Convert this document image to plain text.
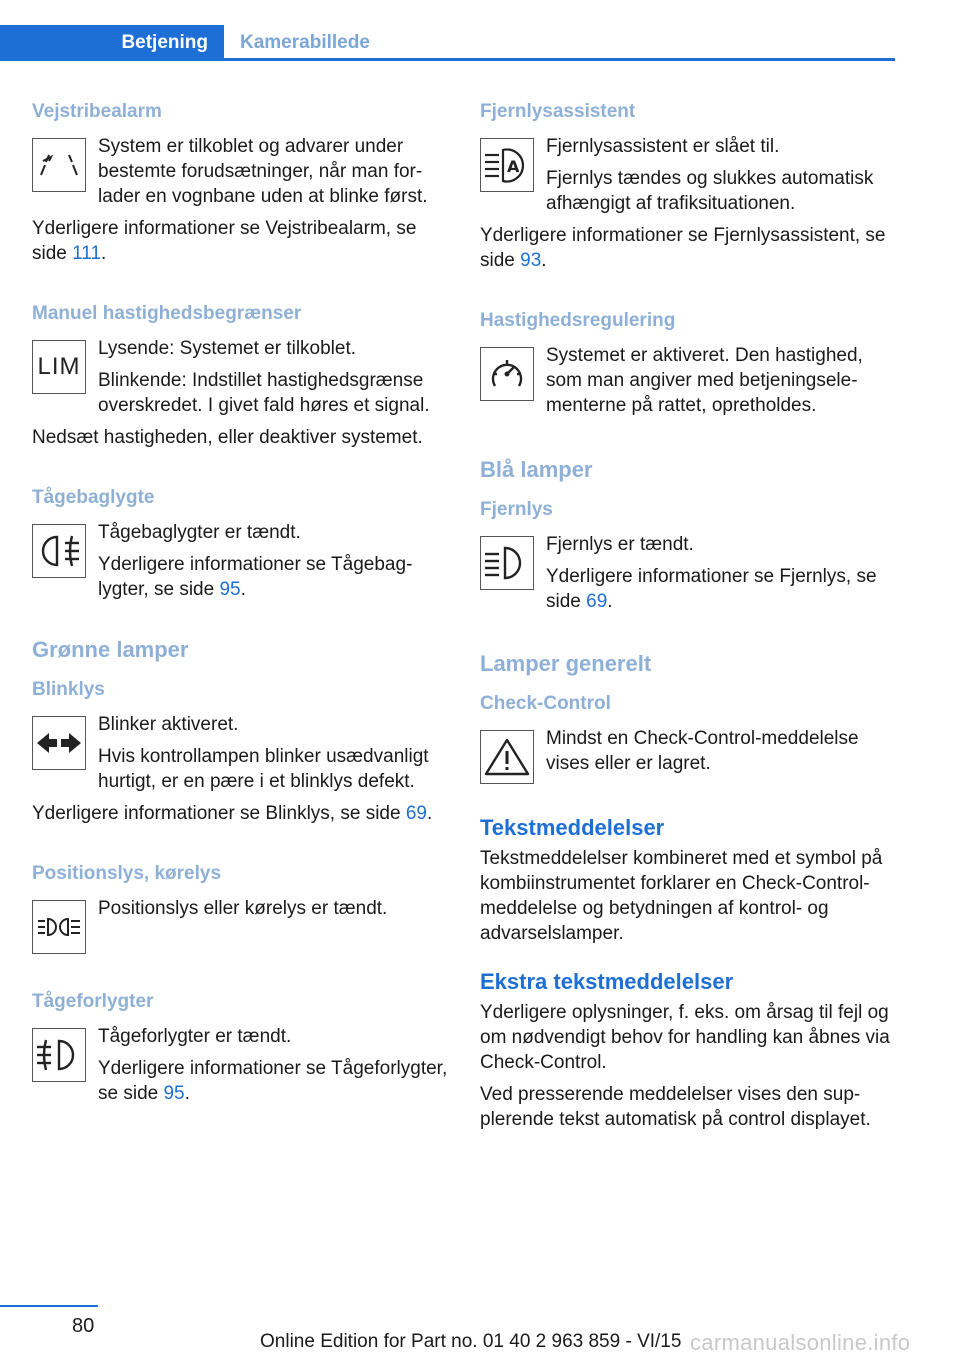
Betjening	Kamerabillede
Vejstribealarm

System er tilkoblet og advarer under bestemte forudsætninger, når man forlader en vognbane uden at blinke først.

Yderligere informationer se Vejstribealarm, se side 111.

Manuel hastighedsbegrænser
LIM

Lysende: Systemet er tilkoblet.

Blinkende: Indstillet hastighedsgrænse overskredet. I givet fald høres et signal.

Nedsæt hastigheden, eller deaktiver systemet.

Tågebaglygte

Tågebaglygter er tændt.

Yderligere informationer se Tågebaglygter, se side 95.

Grønne lamper
Blinklys

Blinker aktiveret.

Hvis kontrollampen blinker usædvanligt hurtigt, er en pære i et blinklys defekt.

Yderligere informationer se Blinklys, se side 69.

Positionslys, kørelys

Positionslys eller kørelys er tændt.

Tågeforlygter

Tågeforlygter er tændt.

Yderligere informationer se Tågeforlygter, se side 95.

Fjernlysassistent
A

Fjernlysassistent er slået til.

Fjernlys tændes og slukkes automatisk afhængigt af trafiksituationen.

Yderligere informationer se Fjernlysassistent, se side 93.

Hastighedsregulering

Systemet er aktiveret. Den hastighed, som man angiver med betjeningselementerne på rattet, opretholdes.

Blå lamper
Fjernlys

Fjernlys er tændt.

Yderligere informationer se Fjernlys, se side 69.

Lamper generelt
Check-Control

Mindst en Check-Control-meddelelse vises eller er lagret.

Tekstmeddelelser

Tekstmeddelelser kombineret med et symbol på kombiinstrumentet forklarer en Check-Control-meddelelse og betydningen af kontrol- og advarselslamper.

Ekstra tekstmeddelelser

Yderligere oplysninger, f. eks. om årsag til fejl og om nødvendigt behov for handling kan åbnes via Check-Control.

Ved presserende meddelelser vises den supplerende tekst automatisk på control displayet.

80
Online Edition for Part no. 01 40 2 963 859 - VI/15 carmanualsonline.info
